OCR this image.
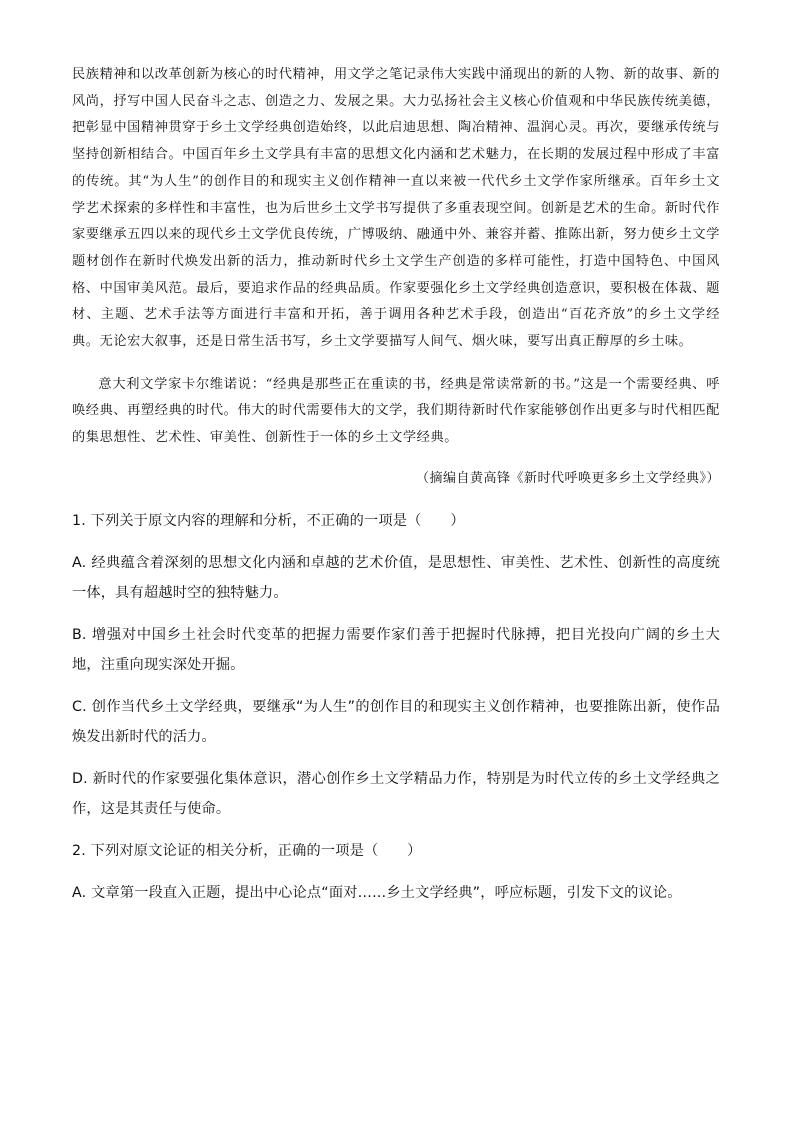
民族精神和以改革创新为核心的时代精神，用文学之笔记录伟大实践中涌现出的新的人物、新的故事、新的风尚，抒写中国人民奋斗之志、创造之力、发展之果。大力弘扬社会主义核心价值观和中华民族传统美德，把彰显中国精神贯穿于乡土文学经典创造始终，以此启迪思想、陶冶精神、温润心灵。再次，要继承传统与坚持创新相结合。中国百年乡土文学具有丰富的思想文化内涵和艺术魅力，在长期的发展过程中形成了丰富的传统。其“为人生”的创作目的和现实主义创作精神一直以来被一代代乡土文学作家所继承。百年乡土文学艺术探索的多样性和丰富性，也为后世乡土文学书写提供了多重表现空间。创新是艺术的生命。新时代作家要继承五四以来的现代乡土文学优良传统，广博吸纳、融通中外、兼容并蓄、推陈出新，努力使乡土文学题材创作在新时代焕发出新的活力，推动新时代乡土文学生产创造的多样可能性，打造中国特色、中国风格、中国审美风范。最后，要追求作品的经典品质。作家要强化乡土文学经典创造意识，要积极在体裁、题材、主题、艺术手法等方面进行丰富和开拓，善于调用各种艺术手段，创造出“百花齐放”的乡土文学经典。无论宏大叙事，还是日常生活书写，乡土文学要描写人间气、烟火味，要写出真正醇厚的乡土味。

意大利文学家卡尔维诺说：“经典是那些正在重读的书，经典是常读常新的书。”这是一个需要经典、呼唤经典、再塑经典的时代。伟大的时代需要伟大的文学，我们期待新时代作家能够创作出更多与时代相匹配的集思想性、艺术性、审美性、创新性于一体的乡土文学经典。

（摘编自黄高锋《新时代呼唤更多乡土文学经典》）

1. 下列关于原文内容的理解和分析，不正确的一项是（　　）

A. 经典蕴含着深刻的思想文化内涵和卓越的艺术价值，是思想性、审美性、艺术性、创新性的高度统一体，具有超越时空的独特魅力。

B. 增强对中国乡土社会时代变革的把握力需要作家们善于把握时代脉搏，把目光投向广阔的乡土大地，注重向现实深处开掘。

C. 创作当代乡土文学经典，要继承“为人生”的创作目的和现实主义创作精神，也要推陈出新，使作品焕发出新时代的活力。

D. 新时代的作家要强化集体意识，潜心创作乡土文学精品力作，特别是为时代立传的乡土文学经典之作，这是其责任与使命。

2. 下列对原文论证的相关分析，正确的一项是（　　）

A. 文章第一段直入正题，提出中心论点“面对……乡土文学经典”，呼应标题，引发下文的议论。
